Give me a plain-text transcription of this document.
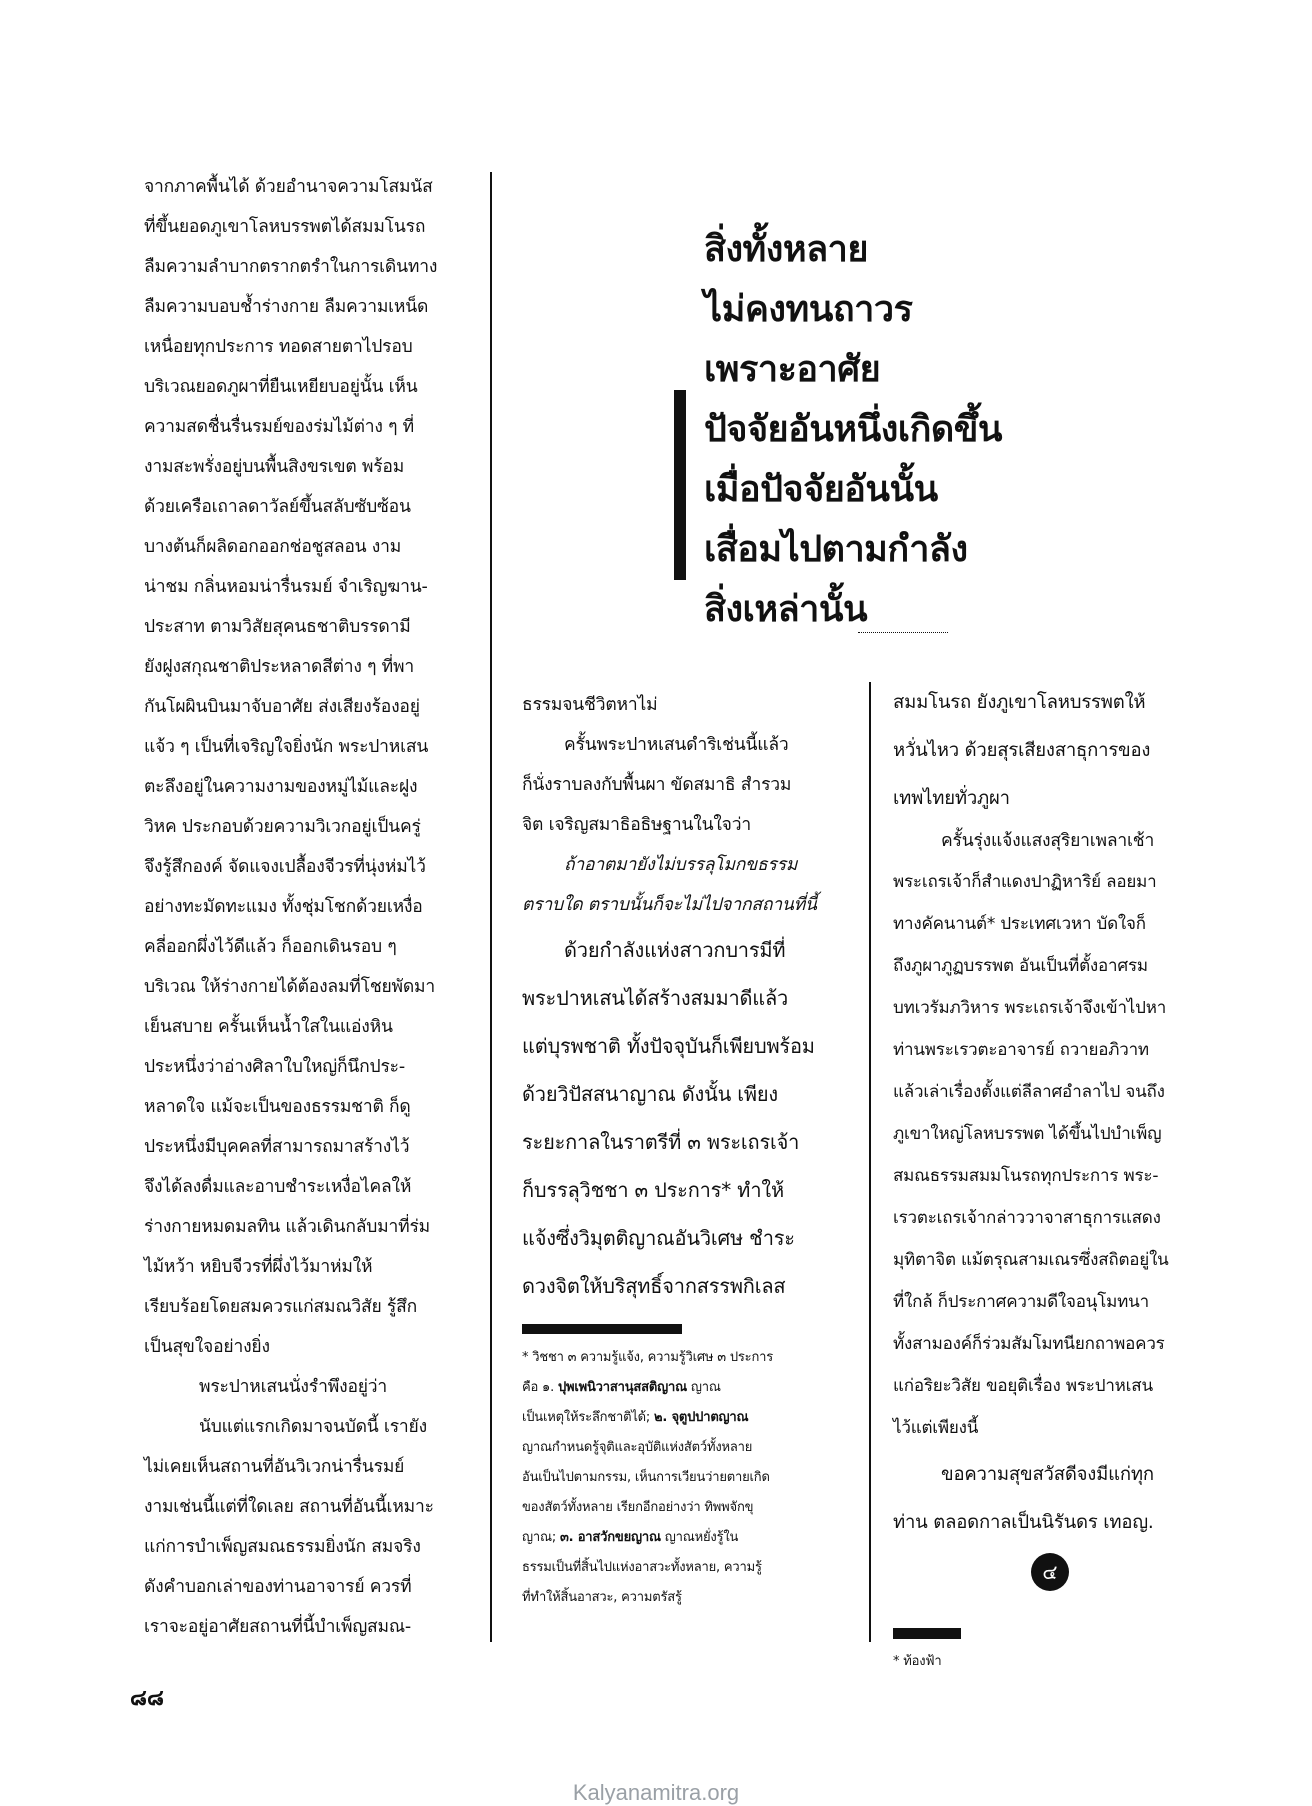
จากภาคพื้นได้ ด้วยอำนาจความโสมนัส
ที่ขึ้นยอดภูเขาโลหบรรพตได้สมมโนรถ
ลืมความลำบากตรากตรำในการเดินทาง
ลืมความบอบช้ำร่างกาย ลืมความเหน็ด
เหนื่อยทุกประการ ทอดสายตาไปรอบ
บริเวณยอดภูผาที่ยืนเหยียบอยู่นั้น เห็น
ความสดชื่นรื่นรมย์ของร่มไม้ต่าง ๆ ที่
งามสะพรั่งอยู่บนพื้นสิงขรเขต พร้อม
ด้วยเครือเถาลดาวัลย์ขึ้นสลับซับซ้อน
บางต้นก็ผลิดอกออกช่อชูสลอน งาม
น่าชม กลิ่นหอมน่ารื่นรมย์ จำเริญฆาน-
ประสาท ตามวิสัยสุคนธชาติบรรดามี
ยังฝูงสกุณชาติประหลาดสีต่าง ๆ ที่พา
กันโผผินบินมาจับอาศัย ส่งเสียงร้องอยู่
แจ้ว ๆ เป็นที่เจริญใจยิ่งนัก พระปาหเสน
ตะลึงอยู่ในความงามของหมู่ไม้และฝูง
วิหค ประกอบด้วยความวิเวกอยู่เป็นครู่
จึงรู้สึกองค์ จัดแจงเปลื้องจีวรที่นุ่งห่มไว้
อย่างทะมัดทะแมง ทั้งชุ่มโชกด้วยเหงื่อ
คลี่ออกผึ่งไว้ดีแล้ว ก็ออกเดินรอบ ๆ
บริเวณ ให้ร่างกายได้ต้องลมที่โชยพัดมา
เย็นสบาย ครั้นเห็นน้ำใสในแอ่งหิน
ประหนึ่งว่าอ่างศิลาใบใหญ่ก็นึกประ-
หลาดใจ แม้จะเป็นของธรรมชาติ ก็ดู
ประหนึ่งมีบุคคลที่สามารถมาสร้างไว้
จึงได้ลงดื่มและอาบชำระเหงื่อไคลให้
ร่างกายหมดมลทิน แล้วเดินกลับมาที่ร่ม
ไม้หว้า หยิบจีวรที่ผึ่งไว้มาห่มให้
เรียบร้อยโดยสมควรแก่สมณวิสัย รู้สึก
เป็นสุขใจอย่างยิ่ง
พระปาหเสนนั่งรำพึงอยู่ว่า
นับแต่แรกเกิดมาจนบัดนี้ เรายัง
ไม่เคยเห็นสถานที่อันวิเวกน่ารื่นรมย์
งามเช่นนี้แต่ที่ใดเลย สถานที่อันนี้เหมาะ
แก่การบำเพ็ญสมณธรรมยิ่งนัก สมจริง
ดังคำบอกเล่าของท่านอาจารย์ ควรที่
เราจะอยู่อาศัยสถานที่นี้บำเพ็ญสมณ-
สิ่งทั้งหลาย
ไม่คงทนถาวร
เพราะอาศัย
ปัจจัยอันหนึ่งเกิดขึ้น
เมื่อปัจจัยอันนั้น
เสื่อมไปตามกำลัง
สิ่งเหล่านั้น
ธรรมจนชีวิตหาไม่
ครั้นพระปาหเสนดำริเช่นนี้แล้ว
ก็นั่งราบลงกับพื้นผา ขัดสมาธิ สำรวม
จิต เจริญสมาธิอธิษฐานในใจว่า
ถ้าอาตมายังไม่บรรลุโมกขธรรม
ตราบใด ตราบนั้นก็จะไม่ไปจากสถานที่นี้
ด้วยกำลังแห่งสาวกบารมีที่
พระปาหเสนได้สร้างสมมาดีแล้ว
แต่บุรพชาติ ทั้งปัจจุบันก็เพียบพร้อม
ด้วยวิปัสสนาญาณ ดังนั้น เพียง
ระยะกาลในราตรีที่ ๓ พระเถรเจ้า
ก็บรรลุวิชชา ๓ ประการ* ทำให้
แจ้งซึ่งวิมุตติญาณอันวิเศษ ชำระ
ดวงจิตให้บริสุทธิ์จากสรรพกิเลส
* วิชชา ๓ ความรู้แจ้ง, ความรู้วิเศษ ๓ ประการ
คือ ๑. ปุพเพนิวาสานุสสติญาณ ญาณ
เป็นเหตุให้ระลึกชาติได้; ๒. จุตูปปาตญาณ
ญาณกำหนดรู้จุติและอุบัติแห่งสัตว์ทั้งหลาย
อันเป็นไปตามกรรม, เห็นการเวียนว่ายตายเกิด
ของสัตว์ทั้งหลาย เรียกอีกอย่างว่า ทิพพจักขุ
ญาณ; ๓. อาสวักขยญาณ ญาณหยั่งรู้ใน
ธรรมเป็นที่สิ้นไปแห่งอาสวะทั้งหลาย, ความรู้
ที่ทำให้สิ้นอาสวะ, ความตรัสรู้
สมมโนรถ ยังภูเขาโลหบรรพตให้
หวั่นไหว ด้วยสุรเสียงสาธุการของ
เทพไทยทั่วภูผา
ครั้นรุ่งแจ้งแสงสุริยาเพลาเช้า
พระเถรเจ้าก็สำแดงปาฏิหาริย์ ลอยมา
ทางคัคนานต์* ประเทศเวหา บัดใจก็
ถึงภูผาภูฏบรรพต อันเป็นที่ตั้งอาศรม
บทเวรัมภวิหาร พระเถรเจ้าจึงเข้าไปหา
ท่านพระเรวตะอาจารย์ ถวายอภิวาท
แล้วเล่าเรื่องตั้งแต่ลีลาศอำลาไป จนถึง
ภูเขาใหญ่โลหบรรพต ได้ขึ้นไปบำเพ็ญ
สมณธรรมสมมโนรถทุกประการ พระ-
เรวตะเถรเจ้ากล่าววาจาสาธุการแสดง
มุทิตาจิต แม้ตรุณสามเณรซึ่งสถิตอยู่ใน
ที่ใกล้ ก็ประกาศความดีใจอนุโมทนา
ทั้งสามองค์ก็ร่วมสัมโมทนียกถาพอควร
แก่อริยะวิสัย ขอยุติเรื่อง พระปาหเสน
ไว้แต่เพียงนี้
ขอความสุขสวัสดีจงมีแก่ทุก
ท่าน ตลอดกาลเป็นนิรันดร เทอญ.
๔
* ท้องฟ้า
๘๘
Kalyanamitra.org
